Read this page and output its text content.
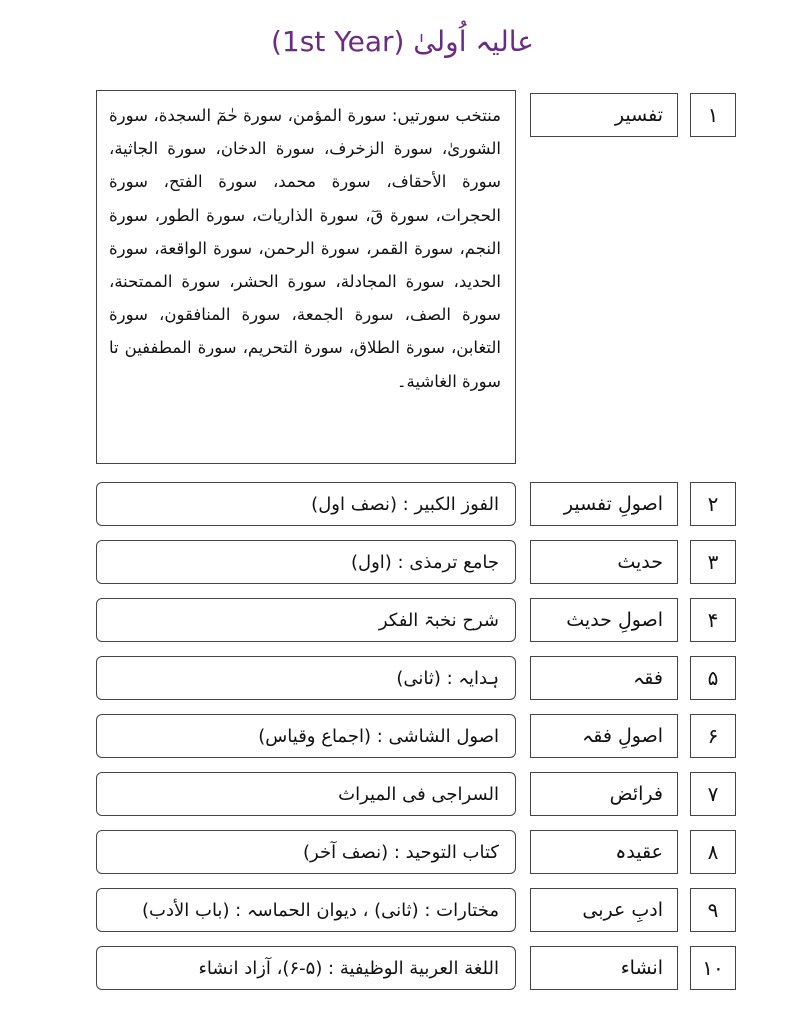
عالیہ اُولیٰ (1st Year)
۱
تفسیر
منتخب سورتیں: سورة المؤمن، سورة حٰمٓ السجدة، سورة الشوریٰ، سورة الزخرف، سورة الدخان، سورة الجاثية، سورة الأحقاف، سورة محمد، سورة الفتح، سورة الحجرات، سورة قٓ، سورة الذاريات، سورة الطور، سورة النجم، سورة القمر، سورة الرحمن، سورة الواقعة، سورة الحديد، سورة المجادلة، سورة الحشر، سورة الممتحنة، سورة الصف، سورة الجمعة، سورة المنافقون، سورة التغابن، سورة الطلاق، سورة التحريم، سورة المطففين تا سورة الغاشية۔
۲
اصولِ تفسیر
الفوز الکبیر : (نصف اول)
۳
حدیث
جامع ترمذی : (اول)
۴
اصولِ حدیث
شرح نخبۃ الفکر
۵
فقہ
ہدایہ : (ثانی)
۶
اصولِ فقہ
اصول الشاشی : (اجماع وقیاس)
۷
فرائض
السراجی فی المیراث
۸
عقیدہ
کتاب التوحید : (نصف آخر)
۹
ادبِ عربی
مختارات : (ثانی) ، دیوان الحماسہ : (باب الأدب)
۱۰
انشاء
اللغة العربیة الوظیفیة : (۵-۶)، آزاد انشاء
